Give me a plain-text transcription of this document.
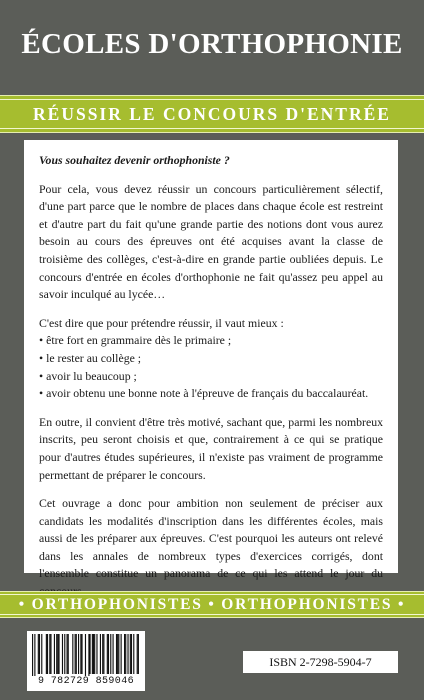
ÉCOLES D'ORTHOPHONIE
RÉUSSIR LE CONCOURS D'ENTRÉE

Vous souhaitez devenir orthophoniste ?

Pour cela, vous devez réussir un concours particulièrement sélectif, d'une part parce que le nombre de places dans chaque école est restreint et d'autre part du fait qu'une grande partie des notions dont vous aurez besoin au cours des épreuves ont été acquises avant la classe de troisième des collèges, c'est-à-dire en grande partie oubliées depuis. Le concours d'entrée en écoles d'orthophonie ne fait qu'assez peu appel au savoir inculqué au lycée…

C'est dire que pour prétendre réussir, il vaut mieux :

• être fort en grammaire dès le primaire ;
• le rester au collège ;
• avoir lu beaucoup ;
• avoir obtenu une bonne note à l'épreuve de français du baccalauréat.

En outre, il convient d'être très motivé, sachant que, parmi les nombreux inscrits, peu seront choisis et que, contrairement à ce qui se pratique pour d'autres études supérieures, il n'existe pas vraiment de programme permettant de préparer le concours.

Cet ouvrage a donc pour ambition non seulement de préciser aux candidats les modalités d'inscription dans les différentes écoles, mais aussi de les préparer aux épreuves. C'est pourquoi les auteurs ont relevé dans les annales de nombreux types d'exercices corrigés, dont l'ensemble constitue un panorama de ce qui les attend le jour du

• ORTHOPHONISTES • ORTHOPHONISTES •
9 782729 859046
ISBN 2-7298-5904-7
